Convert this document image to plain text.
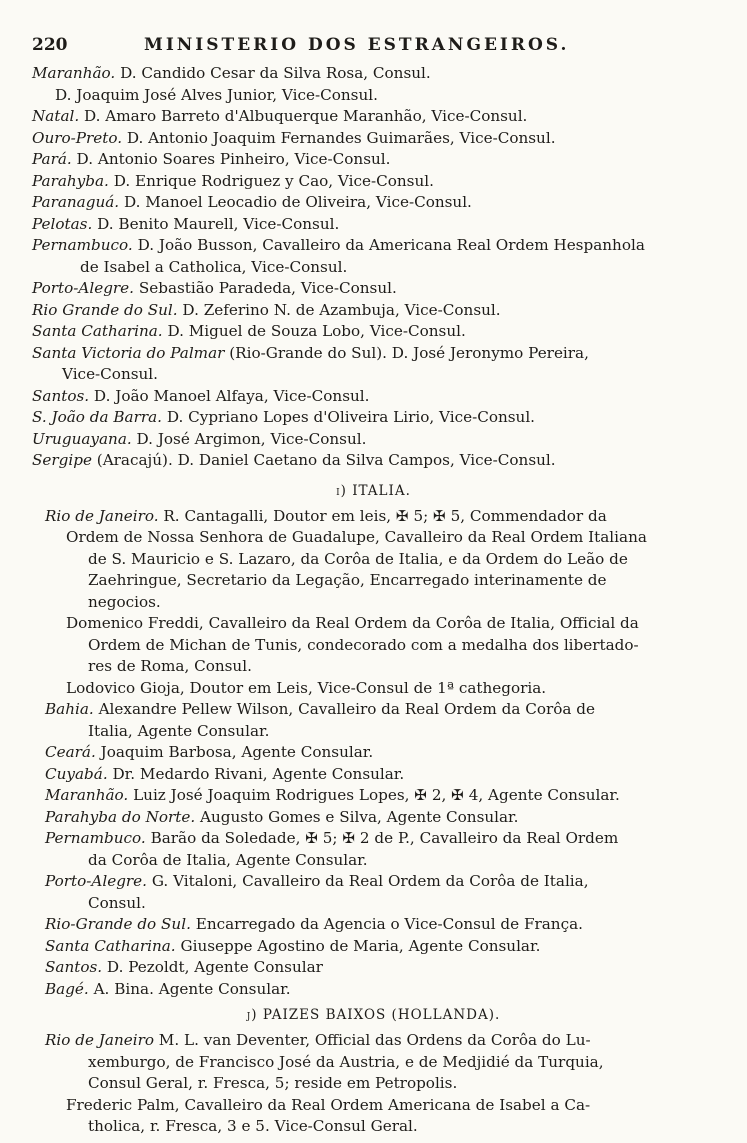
220	MINISTERIO DOS ESTRANGEIROS.
Maranhão. D. Candido Cesar da Silva Rosa, Consul.
D. Joaquim José Alves Junior, Vice-Consul.
Natal. D. Amaro Barreto d'Albuquerque Maranhão, Vice-Consul.
Ouro-Preto. D. Antonio Joaquim Fernandes Guimarães, Vice-Consul.
Pará. D. Antonio Soares Pinheiro, Vice-Consul.
Parahyba. D. Enrique Rodriguez y Cao, Vice-Consul.
Paranaguá. D. Manoel Leocadio de Oliveira, Vice-Consul.
Pelotas. D. Benito Maurell, Vice-Consul.
Pernambuco. D. João Busson, Cavalleiro da Americana Real Ordem Hespanhola
de Isabel a Catholica, Vice-Consul.
Porto-Alegre. Sebastião Paradeda, Vice-Consul.
Rio Grande do Sul. D. Zeferino N. de Azambuja, Vice-Consul.
Santa Catharina. D. Miguel de Souza Lobo, Vice-Consul.
Santa Victoria do Palmar (Rio-Grande do Sul). D. José Jeronymo Pereira,
Vice-Consul.
Santos. D. João Manoel Alfaya, Vice-Consul.
S. João da Barra. D. Cypriano Lopes d'Oliveira Lirio, Vice-Consul.
Uruguayana. D. José Argimon, Vice-Consul.
Sergipe (Aracajú). D. Daniel Caetano da Silva Campos, Vice-Consul.
i) ITALIA.
Rio de Janeiro. R. Cantagalli, Doutor em leis, ✠ 5; ✠ 5, Commendador da
Ordem de Nossa Senhora de Guadalupe, Cavalleiro da Real Ordem Italiana
de S. Mauricio e S. Lazaro, da Corôa de Italia, e da Ordem do Leão de
Zaehringue, Secretario da Legação, Encarregado interinamente de
negocios.
Domenico Freddi, Cavalleiro da Real Ordem da Corôa de Italia, Official da
Ordem de Michan de Tunis, condecorado com a medalha dos libertado-
res de Roma, Consul.
Lodovico Gioja, Doutor em Leis, Vice-Consul de 1ª cathegoria.
Bahia. Alexandre Pellew Wilson, Cavalleiro da Real Ordem da Corôa de
Italia, Agente Consular.
Ceará. Joaquim Barbosa, Agente Consular.
Cuyabá. Dr. Medardo Rivani, Agente Consular.
Maranhão. Luiz José Joaquim Rodrigues Lopes, ✠ 2, ✠ 4, Agente Consular.
Parahyba do Norte. Augusto Gomes e Silva, Agente Consular.
Pernambuco. Barão da Soledade, ✠ 5; ✠ 2 de P., Cavalleiro da Real Ordem
da Corôa de Italia, Agente Consular.
Porto-Alegre. G. Vitaloni, Cavalleiro da Real Ordem da Corôa de Italia,
Consul.
Rio-Grande do Sul. Encarregado da Agencia o Vice-Consul de França.
Santa Catharina. Giuseppe Agostino de Maria, Agente Consular.
Santos. D. Pezoldt, Agente Consular
Bagé. A. Bina. Agente Consular.
j) PAIZES BAIXOS (HOLLANDA).
Rio de Janeiro M. L. van Deventer, Official das Ordens da Corôa do Lu-
xemburgo, de Francisco José da Austria, e de Medjidié da Turquia,
Consul Geral, r. Fresca, 5; reside em Petropolis.
Frederic Palm, Cavalleiro da Real Ordem Americana de Isabel a Ca-
tholica, r. Fresca, 3 e 5. Vice-Consul Geral.
